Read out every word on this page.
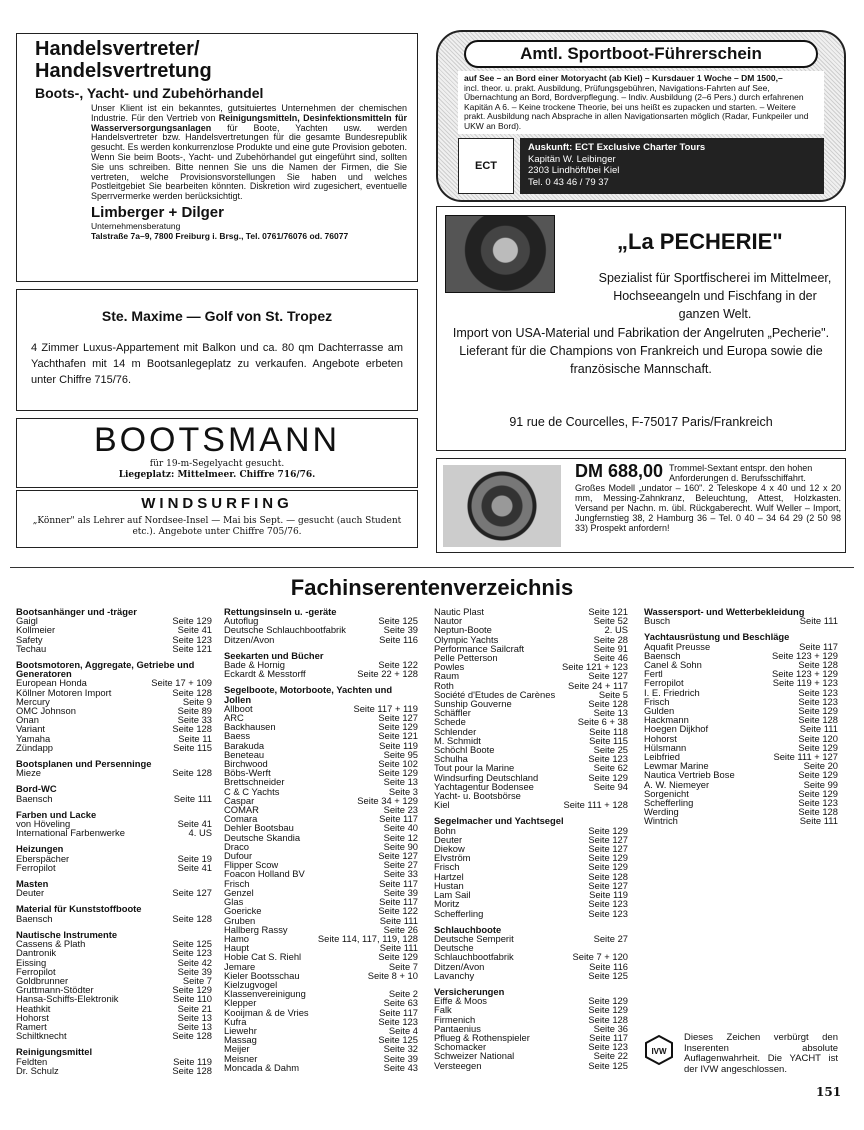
Handelsvertreter/
Handelsvertretung
Boots-, Yacht- und Zubehörhandel
Unser Klient ist ein bekanntes, gutsituiertes Unternehmen der chemischen Industrie. Für den Vertrieb von Reinigungsmitteln, Desinfektionsmitteln für Wasserversorgungsanlagen für Boote, Yachten usw. werden Handelsvertreter bzw. Handelsvertretungen für die gesamte Bundesrepublik gesucht. Es werden konkurrenzlose Produkte und eine gute Provision geboten. Wenn Sie beim Boots-, Yacht- und Zubehörhandel gut eingeführt sind, sollten Sie uns schreiben. Bitte nennen Sie uns die Namen der Firmen, die Sie vertreten, welche Provisionsvorstellungen Sie haben und welches Postleitgebiet Sie bearbeiten könnten. Diskretion wird zugesichert, eventuelle Sperrvermerke werden berücksichtigt.
Limberger + Dilger
Unternehmensberatung
Talstraße 7a–9, 7800 Freiburg i. Brsg., Tel. 0761/76076 od. 76077
Ste. Maxime — Golf von St. Tropez
4 Zimmer Luxus-Appartement mit Balkon und ca. 80 qm Dachterrasse am Yachthafen mit 14 m Bootsanlegeplatz zu verkaufen. Angebote erbeten unter Chiffre 715/76.
BOOTSMANN
für 19-m-Segelyacht gesucht.
Liegeplatz: Mittelmeer. Chiffre 716/76.
WINDSURFING
„Könner" als Lehrer auf Nordsee-Insel — Mai bis Sept. — gesucht (auch Student etc.). Angebote unter Chiffre 705/76.
Amtl. Sportboot-Führerschein
auf See – an Bord einer Motoryacht (ab Kiel) – Kursdauer 1 Woche – DM 1500,–
incl. theor. u. prakt. Ausbildung, Prüfungsgebühren, Navigations-Fahrten auf See, Übernachtung an Bord, Bordverpflegung. – Indiv. Ausbildung (2–6 Pers.) durch erfahrenen Kapitän A 6. – Keine trockene Theorie, bei uns heißt es zupacken und starten. – Weitere prakt. Ausbildung nach Absprache in allen Navigationsarten möglich (Radar, Funkpeiler und UKW an Bord).
ECT
Auskunft: ECT Exclusive Charter Tours
Kapitän W. Leibinger
2303 Lindhöft/bei Kiel
Tel. 0 43 46 / 79 37
„La PECHERIE"
Spezialist für Sportfischerei im Mittelmeer, Hochseeangeln und Fischfang in der ganzen Welt.
Import von USA-Material und Fabrikation der Angelruten „Pecherie". Lieferant für die Champions von Frankreich und Europa sowie die französische Mannschaft.
91 rue de Courcelles, F-75017 Paris/Frankreich
DM 688,00 Trommel-Sextant entspr. den hohen Anforderungen d. Berufsschiffahrt.
Großes Modell „undator – 160". 2 Teleskope 4 x 40 und 12 x 20 mm, Messing-Zahnkranz, Beleuchtung, Attest, Holzkasten. Versand per Nachn. m. übl. Rückgaberecht. Wulf Weller – Import, Jungfernstieg 38, 2 Hamburg 36 – Tel. 0 40 – 34 64 29 (2 50 98 33) Prospekt anfordern!
Fachinserentenverzeichnis
Bootsanhänger und -träger
Gaigl	Seite 129
Kollmeier	Seite 41
Safety	Seite 123
Techau	Seite 121
Bootsmotoren, Aggregate, Getriebe und Generatoren
European Honda	Seite 17 + 109
Köllner Motoren Import	Seite 128
Mercury	Seite 9
OMC Johnson	Seite 89
Onan	Seite 33
Variant	Seite 128
Yamaha	Seite 11
Zündapp	Seite 115
Bootsplanen und Persenninge
Mieze	Seite 128
Bord-WC
Baensch	Seite 111
Farben und Lacke
von Höveling	Seite 41
International Farbenwerke	4. US
Heizungen
Eberspächer	Seite 19
Ferropilot	Seite 41
Masten
Deuter	Seite 127
Material für Kunststoffboote
Baensch	Seite 128
Nautische Instrumente
Cassens & Plath	Seite 125
Dantronik	Seite 123
Eissing	Seite 42
Ferropilot	Seite 39
Goldbrunner	Seite 7
Gruttmann-Stödter	Seite 129
Hansa-Schiffs-Elektronik	Seite 110
Heathkit	Seite 21
Hohorst	Seite 13
Ramert	Seite 13
Schiltknecht	Seite 128
Reinigungsmittel
Feldten	Seite 119
Dr. Schulz	Seite 128
Rettungsinseln u. -geräte
Autoflug	Seite 125
Deutsche Schlauchbootfabrik	Seite 39
Ditzen/Avon	Seite 116
Seekarten und Bücher
Bade & Hornig	Seite 122
Eckardt & Messtorff	Seite 22 + 128
Segelboote, Motorboote, Yachten und Jollen
Allboot	Seite 117 + 119
ARC	Seite 127
Backhausen	Seite 129
Baess	Seite 121
Barakuda	Seite 119
Beneteau	Seite 95
Birchwood	Seite 102
Böbs-Werft	Seite 129
Brettschneider	Seite 13
C & C Yachts	Seite 3
Caspar	Seite 34 + 129
COMAR	Seite 23
Comara	Seite 117
Dehler Bootsbau	Seite 40
Deutsche Skandia	Seite 12
Draco	Seite 90
Dufour	Seite 127
Flipper Scow	Seite 27
Foacon Holland BV	Seite 33
Frisch	Seite 117
Genzel	Seite 39
Glas	Seite 117
Goericke	Seite 122
Gruben	Seite 111
Hallberg Rassy	Seite 26
Hamo	Seite 114, 117, 119, 128
Haupt	Seite 111
Hobie Cat S. Riehl	Seite 129
Jemare	Seite 7
Kieler Bootsschau	Seite 8 + 10
Kielzugvogel
Klassenvereinigung	Seite 2
Klepper	Seite 63
Kooijman & de Vries	Seite 117
Kufra	Seite 123
Liewehr	Seite 4
Massag	Seite 125
Meijer	Seite 32
Meisner	Seite 39
Moncada & Dahm	Seite 43
Nautic Plast	Seite 121
Nautor	Seite 52
Neptun-Boote	2. US
Olympic Yachts	Seite 28
Performance Sailcraft	Seite 91
Pelle Petterson	Seite 46
Powles	Seite 121 + 123
Raum	Seite 127
Roth	Seite 24 + 117
Société d'Etudes de Carènes	Seite 5
Sunship Gouverne	Seite 128
Schäffler	Seite 13
Schede	Seite 6 + 38
Schlender	Seite 118
M. Schmidt	Seite 115
Schöchl Boote	Seite 25
Schulha	Seite 123
Tout pour la Marine	Seite 62
Windsurfing Deutschland	Seite 129
Yachtagentur Bodensee	Seite 94
Yacht- u. Bootsbörse
Kiel	Seite 111 + 128
Segelmacher und Yachtsegel
Bohn	Seite 129
Deuter	Seite 127
Diekow	Seite 127
Elvström	Seite 129
Frisch	Seite 129
Hartzel	Seite 128
Hustan	Seite 127
Lam Sail	Seite 119
Moritz	Seite 123
Schefferling	Seite 123
Schlauchboote
Deutsche Semperit	Seite 27
Deutsche
Schlauchbootfabrik	Seite 7 + 120
Ditzen/Avon	Seite 116
Lavanchy	Seite 125
Versicherungen
Eiffe & Moos	Seite 129
Falk	Seite 129
Firmenich	Seite 128
Pantaenius	Seite 36
Pflueg & Rothenspieler	Seite 117
Schomacker	Seite 123
Schweizer National	Seite 22
Versteegen	Seite 125
Wassersport- und Wetterbekleidung
Busch	Seite 111
Yachtausrüstung und Beschläge
Aquafit Preusse	Seite 117
Baensch	Seite 123 + 129
Canel & Sohn	Seite 128
Fertl	Seite 123 + 129
Ferropilot	Seite 119 + 123
I. E. Friedrich	Seite 123
Frisch	Seite 123
Gulden	Seite 129
Hackmann	Seite 128
Hoegen Dijkhof	Seite 111
Hohorst	Seite 120
Hülsmann	Seite 129
Leibfried	Seite 111 + 127
Lewmar Marine	Seite 20
Nautica Vertrieb Bose	Seite 129
A. W. Niemeyer	Seite 99
Sorgenicht	Seite 129
Schefferling	Seite 123
Werding	Seite 128
Wintrich	Seite 111
IVW
Dieses Zeichen verbürgt den Inserenten absolute Auflagenwahrheit. Die YACHT ist der IVW angeschlossen.
151
